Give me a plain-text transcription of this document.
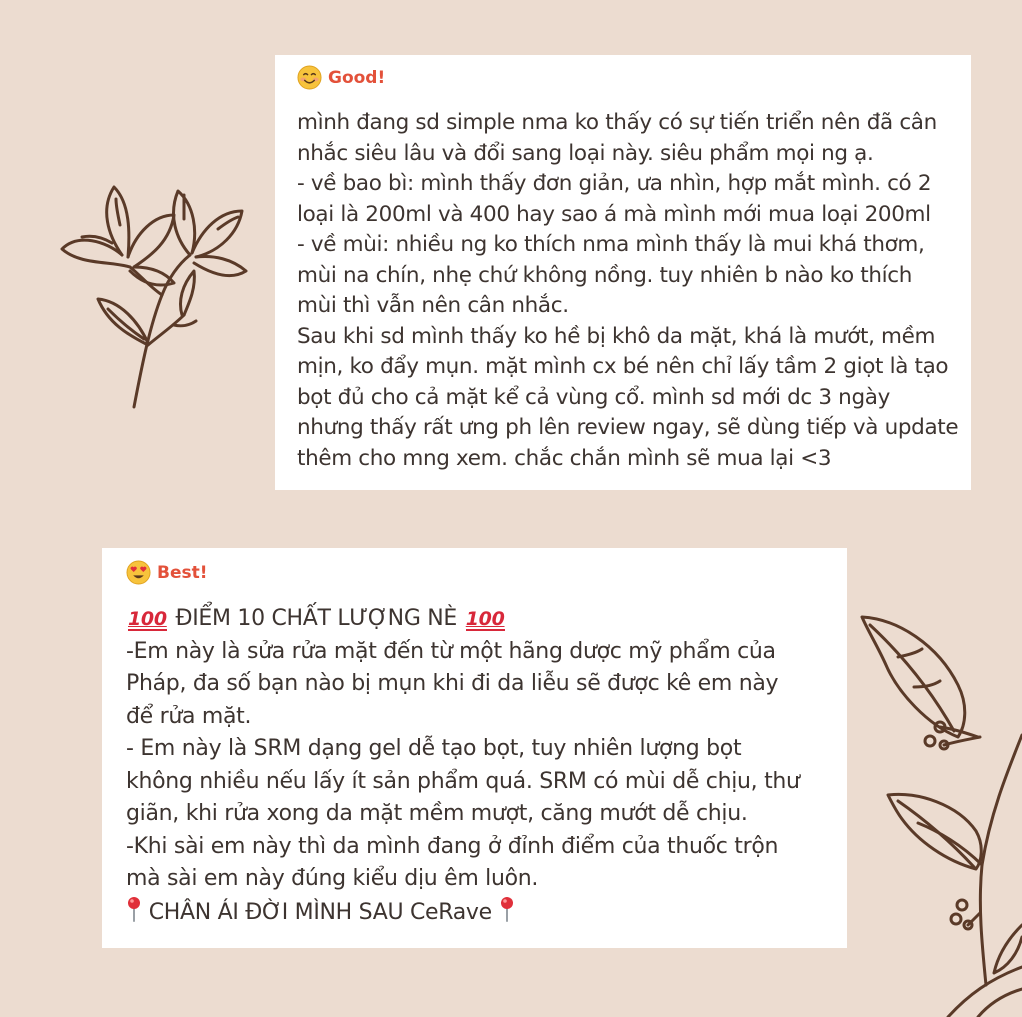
Good!
mình đang sd simple nma ko thấy có sự tiến triển nên đã cân
nhắc siêu lâu và đổi sang loại này. siêu phẩm mọi ng ạ.
- về bao bì: mình thấy đơn giản, ưa nhìn, hợp mắt mình. có 2
loại là 200ml và 400 hay sao á mà mình mới mua loại 200ml
- về mùi: nhiều ng ko thích nma mình thấy là mui khá thơm,
mùi na chín, nhẹ chứ không nồng. tuy nhiên b nào ko thích
mùi thì vẫn nên cân nhắc.
Sau khi sd mình thấy ko hề bị khô da mặt, khá là mướt, mềm
mịn, ko đẩy mụn. mặt mình cx bé nên chỉ lấy tầm 2 giọt là tạo
bọt đủ cho cả mặt kể cả vùng cổ. mình sd mới dc 3 ngày
nhưng thấy rất ưng ph lên review ngay, sẽ dùng tiếp và update
thêm cho mng xem. chắc chắn mình sẽ mua lại <3
Best!
100 ĐIỂM 10 CHẤT LƯỢNG NÈ 100
-Em này là sửa rửa mặt đến từ một hãng dược mỹ phẩm của
Pháp, đa số bạn nào bị mụn khi đi da liễu sẽ được kê em này
để rửa mặt.
- Em này là SRM dạng gel dễ tạo bọt, tuy nhiên lượng bọt
không nhiều nếu lấy ít sản phẩm quá. SRM có mùi dễ chịu, thư
giãn, khi rửa xong da mặt mềm mượt, căng mướt dễ chịu.
-Khi sài em này thì da mình đang ở đỉnh điểm của thuốc trộn
mà sài em này đúng kiểu dịu êm luôn.
CHÂN ÁI ĐỜI MÌNH SAU CeRave
